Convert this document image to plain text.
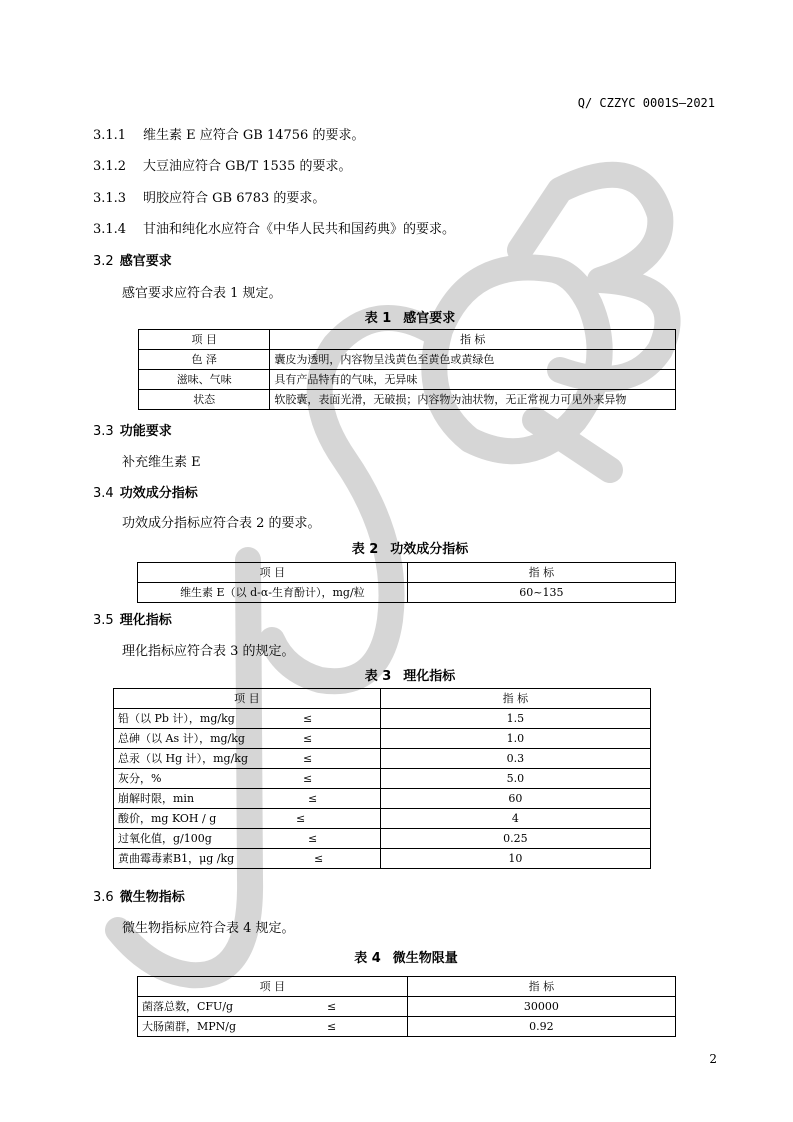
Q/ CZZYC 0001S—2021
3.1.1 维生素 E 应符合 GB 14756 的要求。
3.1.2 大豆油应符合 GB/T 1535 的要求。
3.1.3 明胶应符合 GB 6783 的要求。
3.1.4 甘油和纯化水应符合《中华人民共和国药典》的要求。
3.2 感官要求
感官要求应符合表 1 规定。
表 1 感官要求
项 目	指 标
色 泽	囊皮为透明，内容物呈浅黄色至黄色或黄绿色
滋味、气味	具有产品特有的气味，无异味
状态	软胶囊，表面光滑，无破损；内容物为油状物，无正常视力可见外来异物
3.3 功能要求
补充维生素 E
3.4 功效成分指标
功效成分指标应符合表 2 的要求。
表 2 功效成分指标
项 目	指 标
维生素 E（以 d-α-生育酚计），mg/粒	60~135
3.5 理化指标
理化指标应符合表 3 的规定。
表 3 理化指标
项 目	指 标
铅（以 Pb 计），mg/kg ≤	1.5
总砷（以 As 计），mg/kg ≤	1.0
总汞（以 Hg 计），mg/kg ≤	0.3
灰分，% ≤	5.0
崩解时限，min ≤	60
酸价，mg KOH / g ≤	4
过氧化值，g/100g ≤	0.25
黄曲霉毒素B1，μg /kg ≤	10
3.6 微生物指标
微生物指标应符合表 4 规定。
表 4 微生物限量
项 目	指 标
菌落总数，CFU/g ≤	30000
大肠菌群，MPN/g ≤	0.92
2
